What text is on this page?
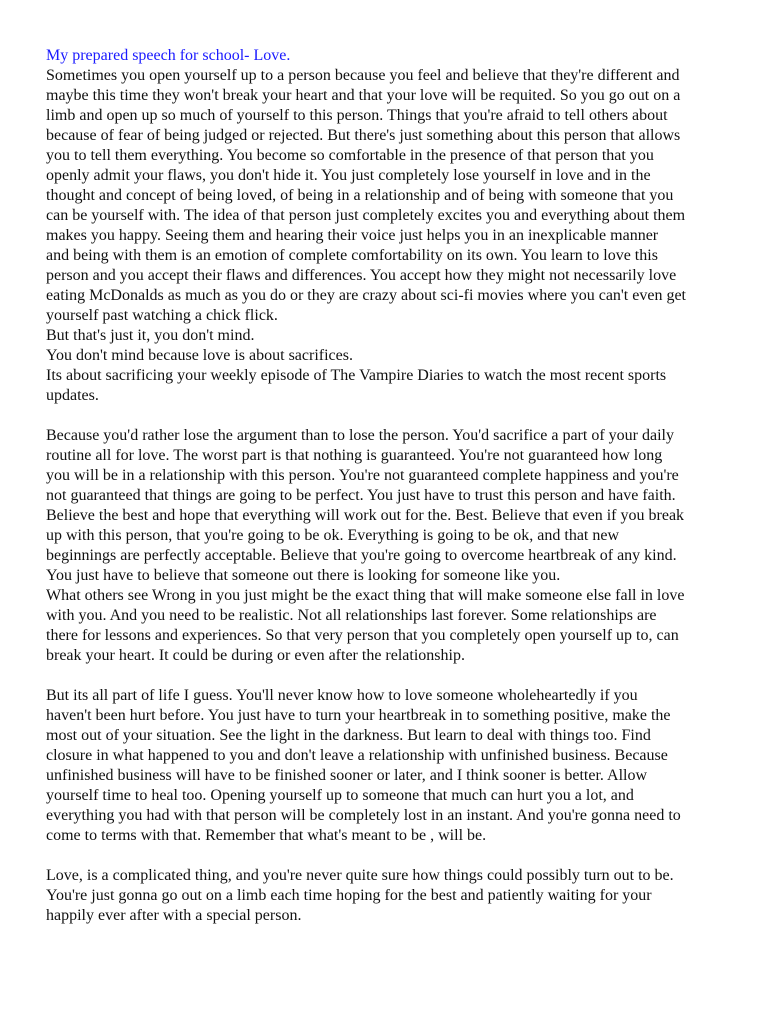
My prepared speech for school- Love.

Sometimes you open yourself up to a person because you feel and believe that they're different and

maybe this time they won't break your heart and that your love will be requited. So you go out on a

limb and open up so much of yourself to this person. Things that you're afraid to tell others about

because of fear of being judged or rejected. But there's just something about this person that allows

you to tell them everything. You become so comfortable in the presence of that person that you

openly admit your flaws, you don't hide it. You just completely lose yourself in love and in the

thought and concept of being loved, of being in a relationship and of being with someone that you

can be yourself with. The idea of that person just completely excites you and everything about them

makes you happy. Seeing them and hearing their voice just helps you in an inexplicable manner

and being with them is an emotion of complete comfortability on its own. You learn to love this

person and you accept their flaws and differences. You accept how they might not necessarily love

eating McDonalds as much as you do or they are crazy about sci-fi movies where you can't even get

yourself past watching a chick flick.

But that's just it, you don't mind.

You don't mind because love is about sacrifices.

Its about sacrificing your weekly episode of The Vampire Diaries to watch the most recent sports

updates.

Because you'd rather lose the argument than to lose the person. You'd sacrifice a part of your daily

routine all for love. The worst part is that nothing is guaranteed. You're not guaranteed how long

you will be in a relationship with this person. You're not guaranteed complete happiness and you're

not guaranteed that things are going to be perfect. You just have to trust this person and have faith.

Believe the best and hope that everything will work out for the. Best. Believe that even if you break

up with this person, that you're going to be ok. Everything is going to be ok, and that new

beginnings are perfectly acceptable. Believe that you're going to overcome heartbreak of any kind.

You just have to believe that someone out there is looking for someone like you.

What others see Wrong in you just might be the exact thing that will make someone else fall in love

with you. And you need to be realistic. Not all relationships last forever. Some relationships are

there for lessons and experiences. So that very person that you completely open yourself up to, can

break your heart. It could be during or even after the relationship.

But its all part of life I guess. You'll never know how to love someone wholeheartedly if you

haven't been hurt before. You just have to turn your heartbreak in to something positive, make the

most out of your situation. See the light in the darkness. But learn to deal with things too. Find

closure in what happened to you and don't leave a relationship with unfinished business. Because

unfinished business will have to be finished sooner or later, and I think sooner is better. Allow

yourself time to heal too. Opening yourself up to someone that much can hurt you a lot, and

everything you had with that person will be completely lost in an instant. And you're gonna need to

come to terms with that. Remember that what's meant to be , will be.

Love, is a complicated thing, and you're never quite sure how things could possibly turn out to be.

You're just gonna go out on a limb each time hoping for the best and patiently waiting for your

happily ever after with a special person.
